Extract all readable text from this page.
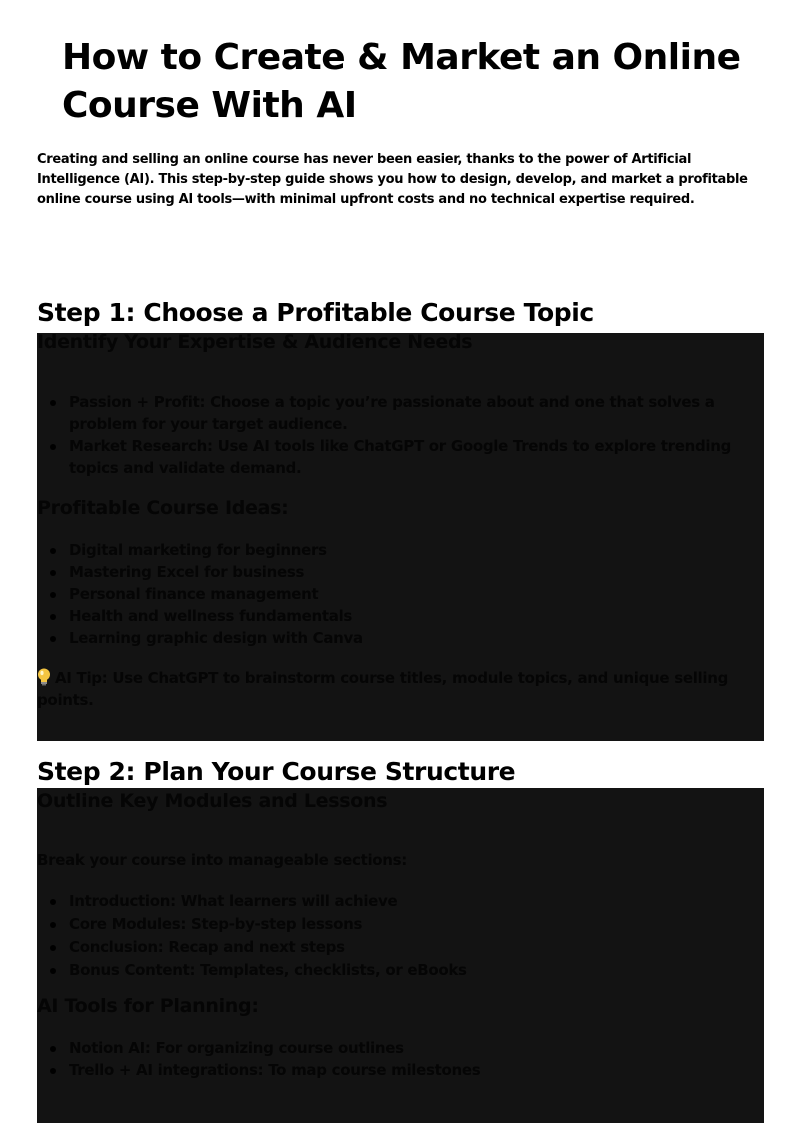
How to Create & Market an Online Course With AI

Creating and selling an online course has never been easier, thanks to the power of Artificial Intelligence (AI). This step-by-step guide shows you how to design, develop, and market a profitable online course using AI tools—with minimal upfront costs and no technical expertise required.

Step 1: Choose a Profitable Course Topic
Identify Your Expertise & Audience Needs
Passion + Profit: Choose a topic you’re passionate about and one that solves a problem for your target audience.
Market Research: Use AI tools like ChatGPT or Google Trends to explore trending topics and validate demand.
Profitable Course Ideas:
Digital marketing for beginners
Mastering Excel for business
Personal finance management
Health and wellness fundamentals
Learning graphic design with Canva

AI Tip: Use ChatGPT to brainstorm course titles, module topics, and unique selling points.

Step 2: Plan Your Course Structure
Outline Key Modules and Lessons

Break your course into manageable sections:

Introduction: What learners will achieve
Core Modules: Step-by-step lessons
Conclusion: Recap and next steps
Bonus Content: Templates, checklists, or eBooks
AI Tools for Planning:
Notion AI: For organizing course outlines
Trello + AI integrations: To map course milestones
